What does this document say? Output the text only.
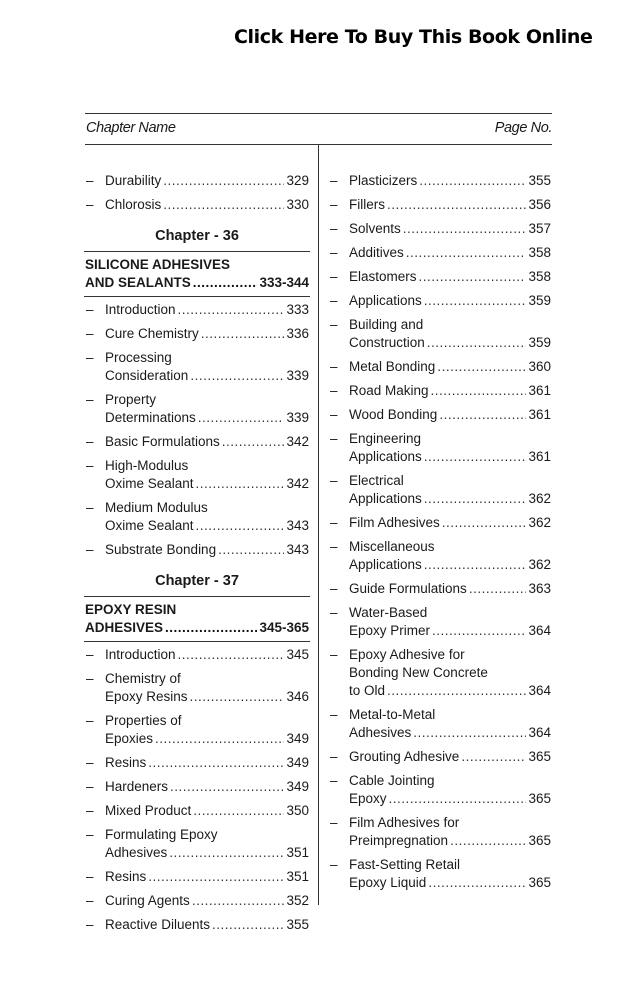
Click Here To Buy This Book Online
Chapter Name	Page No.
– Durability .....	329
– Chlorosis .....	330
Chapter - 36
SILICONE ADHESIVES
AND SEALANTS .....	333-344
– Introduction .....	333
– Cure Chemistry .....	336
– Processing
Consideration .....	339
– Property
Determinations .....	339
– Basic Formulations .....	342
– High-Modulus
Oxime Sealant .....	342
– Medium Modulus
Oxime Sealant .....	343
– Substrate Bonding .....	343
Chapter - 37
EPOXY RESIN
ADHESIVES .....	345-365
– Introduction .....	345
– Chemistry of
Epoxy Resins .....	346
– Properties of
Epoxies .....	349
– Resins .....	349
– Hardeners .....	349
– Mixed Product .....	350
– Formulating Epoxy
Adhesives .....	351
– Resins .....	351
– Curing Agents .....	352
– Reactive Diluents .....	355
– Plasticizers .....	355
– Fillers .....	356
– Solvents .....	357
– Additives .....	358
– Elastomers .....	358
– Applications .....	359
– Building and
Construction .....	359
– Metal Bonding .....	360
– Road Making .....	361
– Wood Bonding .....	361
– Engineering
Applications .....	361
– Electrical
Applications .....	362
– Film Adhesives .....	362
– Miscellaneous
Applications .....	362
– Guide Formulations .....	363
– Water-Based
Epoxy Primer .....	364
– Epoxy Adhesive for
Bonding New Concrete
to Old .....	364
– Metal-to-Metal
Adhesives .....	364
– Grouting Adhesive .....	365
– Cable Jointing
Epoxy .....	365
– Film Adhesives for
Preimpregnation .....	365
– Fast-Setting Retail
Epoxy Liquid .....	365
